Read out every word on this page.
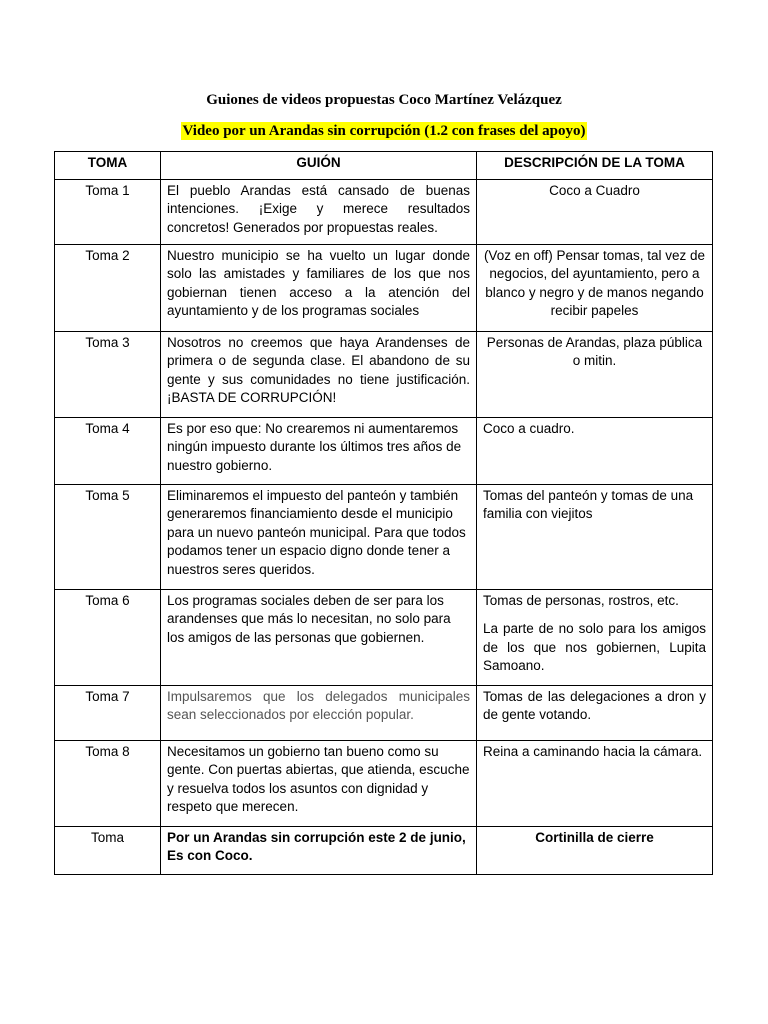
Guiones de videos propuestas Coco Martínez Velázquez
Video por un Arandas sin corrupción (1.2 con frases del apoyo)
TOMA	GUIÓN	DESCRIPCIÓN DE LA TOMA
Toma 1	El pueblo Arandas está cansado de buenas intenciones. ¡Exige y merece resultados concretos! Generados por propuestas reales.	Coco a Cuadro
Toma 2	Nuestro municipio se ha vuelto un lugar donde solo las amistades y familiares de los que nos gobiernan tienen acceso a la atención del ayuntamiento y de los programas sociales	(Voz en off) Pensar tomas, tal vez de negocios, del ayuntamiento, pero a blanco y negro y de manos negando recibir papeles
Toma 3	Nosotros no creemos que haya Arandenses de primera o de segunda clase. El abandono de su gente y sus comunidades no tiene justificación. ¡BASTA DE CORRUPCIÓN!	Personas de Arandas, plaza pública o mitin.
Toma 4	Es por eso que: No crearemos ni aumentaremos ningún impuesto durante los últimos tres años de nuestro gobierno.	Coco a cuadro.
Toma 5	Eliminaremos el impuesto del panteón y también generaremos financiamiento desde el municipio para un nuevo panteón municipal. Para que todos podamos tener un espacio digno donde tener a nuestros seres queridos.	Tomas del panteón y tomas de una familia con viejitos
Toma 6	Los programas sociales deben de ser para los arandenses que más lo necesitan, no solo para los amigos de las personas que gobiernen.	Tomas de personas, rostros, etc.
La parte de no solo para los amigos de los que nos gobiernen, Lupita Samoano.

Toma 7	Impulsaremos que los delegados municipales sean seleccionados por elección popular.	Tomas de las delegaciones a dron y de gente votando.
Toma 8	Necesitamos un gobierno tan bueno como su gente. Con puertas abiertas, que atienda, escuche y resuelva todos los asuntos con dignidad y respeto que merecen.	Reina a caminando hacia la cámara.
Toma	Por un Arandas sin corrupción este 2 de junio, Es con Coco.	Cortinilla de cierre
